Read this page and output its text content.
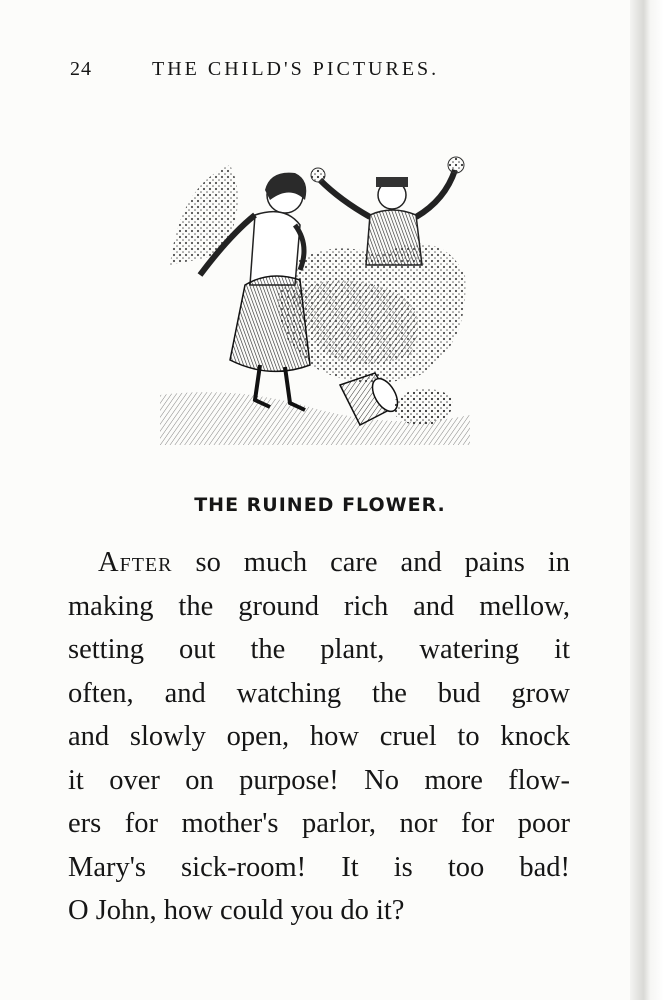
24	THE CHILD'S PICTURES.
THE RUINED FLOWER.
After so much care and pains in
making the ground rich and mellow,
setting out the plant, watering it
often, and watching the bud grow
and slowly open, how cruel to knock
it over on purpose! No more flow-
ers for mother's parlor, nor for poor
Mary's sick-room! It is too bad!
O John, how could you do it?
